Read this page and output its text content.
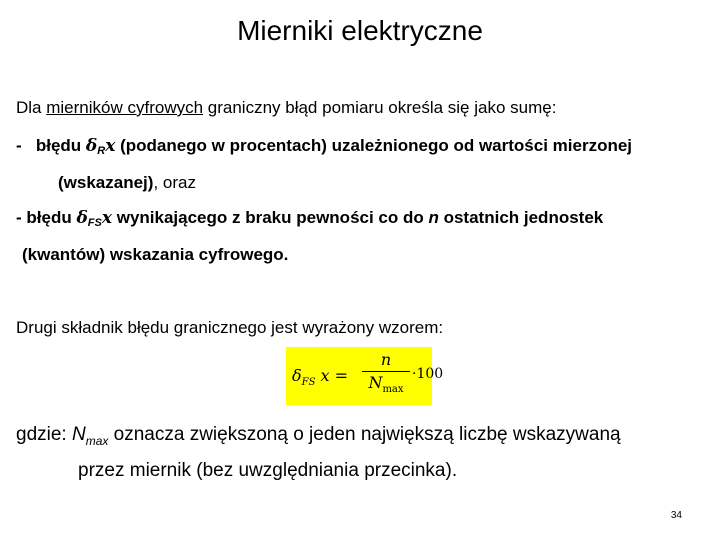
Mierniki elektryczne
Dla mierników cyfrowych graniczny błąd pomiaru określa się jako sumę:
-   błędu $\delta_Rx$ (podanego w procentach) uzależnionego od wartości mierzonej
(wskazanej), oraz
- błędu $\delta_{FS}x$ wynikającego z braku pewności co do n ostatnich jednostek
(kwantów) wskazania cyfrowego.
Drugi składnik błędu granicznego jest wyrażony wzorem:
$\delta_{FS}$ x =
n
$N_{max}$
·100
gdzie: $N_{max}$ oznacza zwiększoną o jeden największą liczbę wskazywaną
przez miernik (bez uwzględniania przecinka).
34
